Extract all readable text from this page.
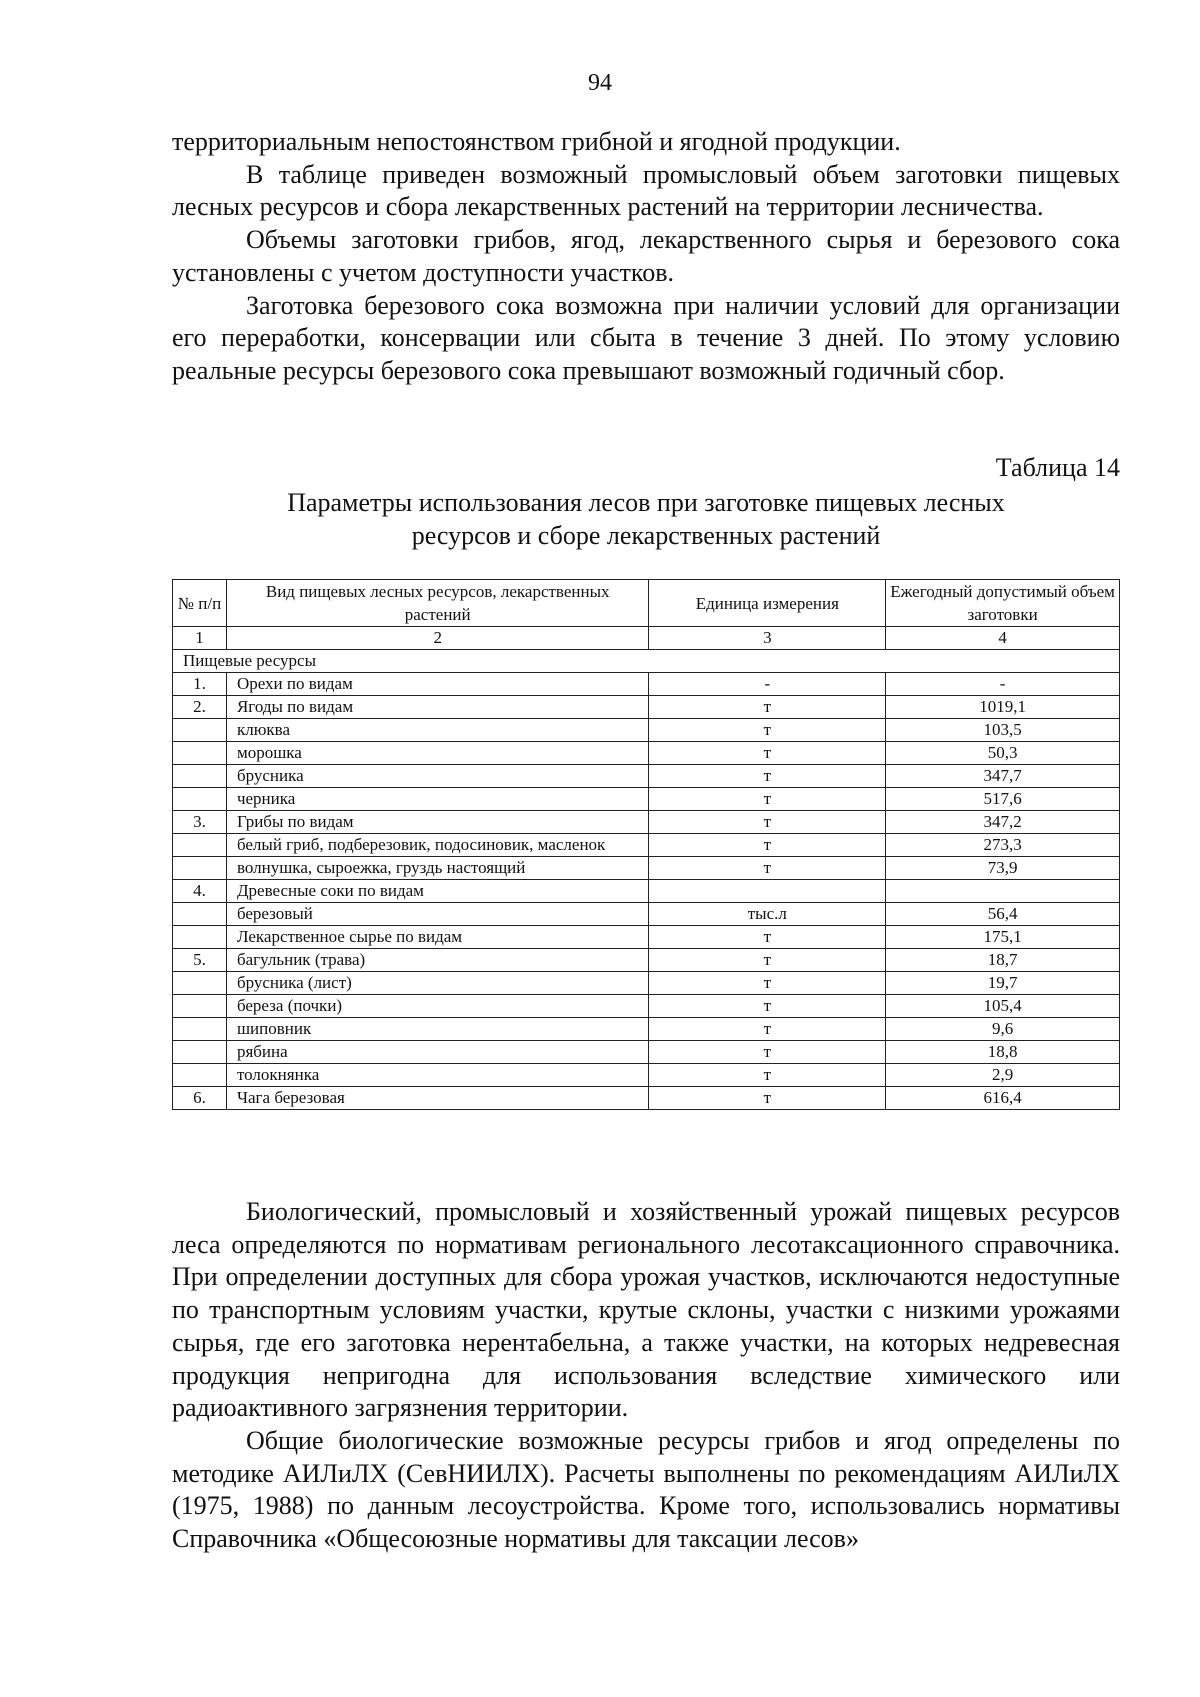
94

территориальным непостоянством грибной и ягодной продукции.

В таблице приведен возможный промысловый объем заготовки пищевых лесных ресурсов и сбора лекарственных растений на территории лесничества.

Объемы заготовки грибов, ягод, лекарственного сырья и березового сока установлены с учетом доступности участков.

Заготовка березового сока возможна при наличии условий для организации его переработки, консервации или сбыта в течение 3 дней. По этому условию реальные ресурсы березового сока превышают возможный годичный сбор.

Таблица 14
Параметры использования лесов при заготовке пищевых лесных
ресурсов и сборе лекарственных растений
№ п/п	Вид пищевых лесных ресурсов, лекарственных растений	Единица измерения	Ежегодный допустимый объем заготовки
1	2	3	4
Пищевые ресурсы			
1.	Орехи по видам	-	-
2.	Ягоды по видам	т	1019,1
	клюква	т	103,5
	морошка	т	50,3
	брусника	т	347,7
	черника	т	517,6
3.	Грибы по видам	т	347,2
	белый гриб, подберезовик, подосиновик, масленок	т	273,3
	волнушка, сыроежка, груздь настоящий	т	73,9
4.	Древесные соки по видам		
	березовый	тыс.л	56,4
	Лекарственное сырье по видам	т	175,1
5.	багульник (трава)	т	18,7
	брусника (лист)	т	19,7
	береза (почки)	т	105,4
	шиповник	т	9,6
	рябина	т	18,8
	толокнянка	т	2,9
6.	Чага березовая	т	616,4

Биологический, промысловый и хозяйственный урожай пищевых ресурсов леса определяются по нормативам регионального лесотаксационного справочника. При определении доступных для сбора урожая участков, исключаются недоступные по транспортным условиям участки, крутые склоны, участки с низкими урожаями сырья, где его заготовка нерентабельна, а также участки, на которых недревесная продукция непригодна для использования вследствие химического или радиоактивного загрязнения территории.

Общие биологические возможные ресурсы грибов и ягод определены по методике АИЛиЛХ (СевНИИЛХ). Расчеты выполнены по рекомендациям АИЛиЛХ (1975, 1988) по данным лесоустройства. Кроме того, использовались нормативы Справочника «Общесоюзные нормативы для таксации лесов»
